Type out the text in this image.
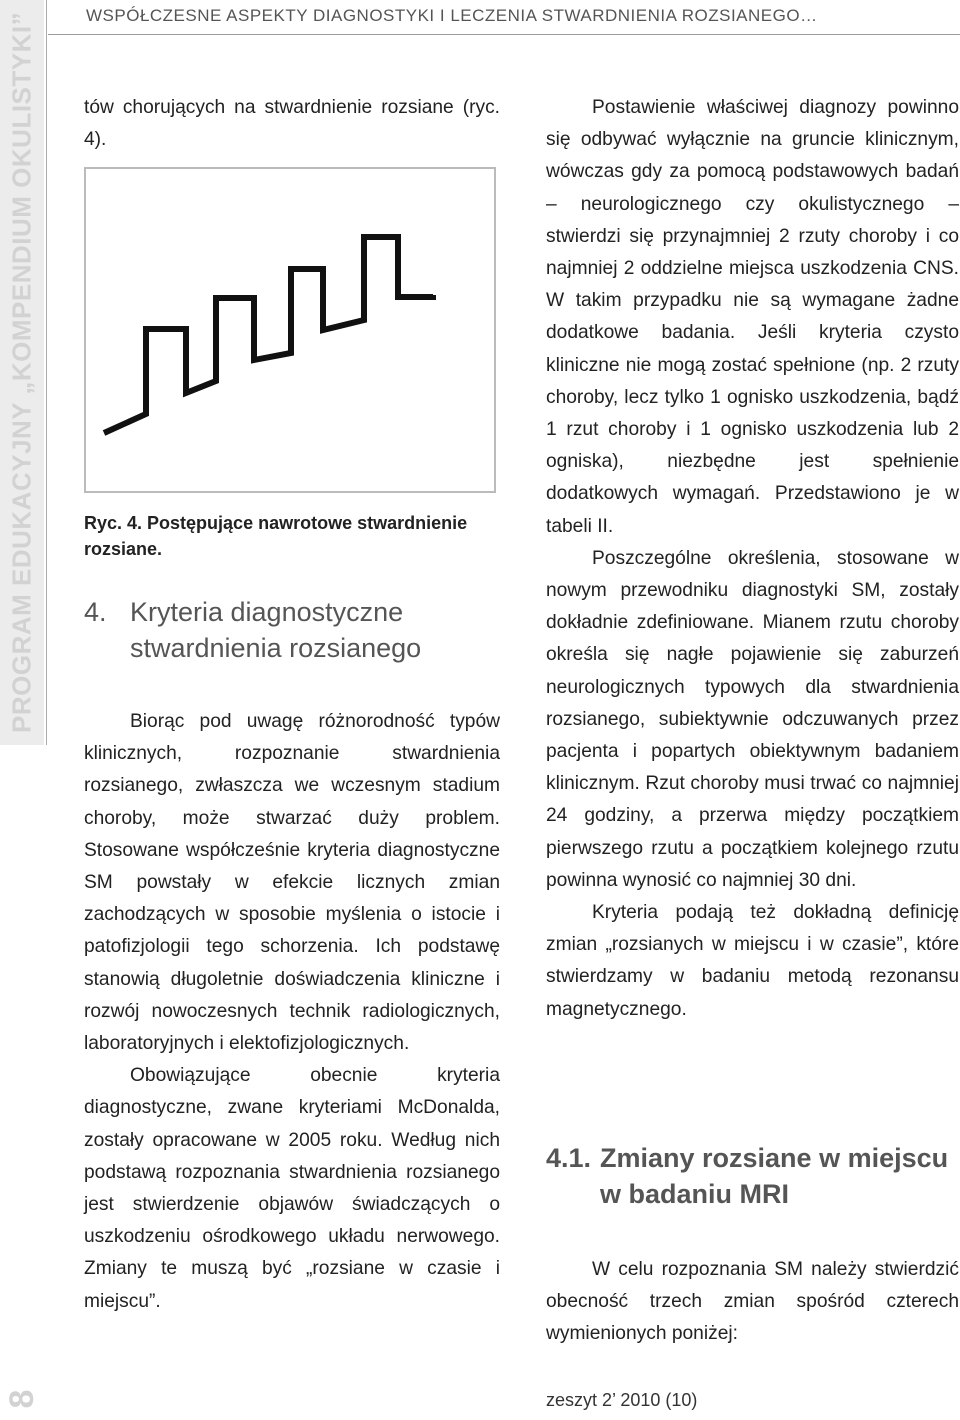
PROGRAM EDUKACYJNY „KOMPENDIUM OKULISTYKI”	WSPÓŁCZESNE ASPEKTY DIAGNOSTYKI I LECZENIA STWARDNIENIA ROZSIANEGO…

tów chorujących na stwardnienie rozsiane (ryc. 4).

Ryc. 4. Postępujące nawrotowe stwardnienie rozsiane.
4. Kryteria diagnostyczne
stwardnienia rozsianego

Biorąc pod uwagę różnorodność typów klinicznych, rozpoznanie stwardnienia rozsianego, zwłaszcza we wczesnym stadium choroby, może stwarzać duży problem. Stosowane współcześnie kryteria diagnostyczne SM powstały w efekcie licznych zmian zachodzących w sposobie myślenia o istocie i patofizjologii tego schorzenia. Ich podstawę stanowią długoletnie doświadczenia kliniczne i rozwój nowoczesnych technik radiologicznych, laboratoryjnych i elektofizjologicznych.

Obowiązujące obecnie kryteria diagnostyczne, zwane kryteriami McDonalda, zostały opracowane w 2005 roku. Według nich podstawą rozpoznania stwardnienia rozsianego jest stwierdzenie objawów świadczących o uszkodzeniu ośrodkowego układu nerwowego. Zmiany te muszą być „rozsiane w czasie i miejscu”.

Postawienie właściwej diagnozy powinno się odbywać wyłącznie na gruncie klinicznym, wówczas gdy za pomocą podstawowych badań – neurologicznego czy okulistycznego – stwierdzi się przynajmniej 2 rzuty choroby i co najmniej 2 oddzielne miejsca uszkodzenia CNS. W takim przypadku nie są wymagane żadne dodatkowe badania. Jeśli kryteria czysto kliniczne nie mogą zostać spełnione (np. 2 rzuty choroby, lecz tylko 1 ognisko uszkodzenia, bądź 1 rzut choroby i 1 ognisko uszkodzenia lub 2 ogniska), niezbędne jest spełnienie dodatkowych wymagań. Przedstawiono je w tabeli II.

Poszczególne określenia, stosowane w nowym przewodniku diagnostyki SM, zostały dokładnie zdefiniowane. Mianem rzutu choroby określa się nagłe pojawienie się zaburzeń neurologicznych typowych dla stwardnienia rozsianego, subiektywnie odczuwanych przez pacjenta i popartych obiektywnym badaniem klinicznym. Rzut choroby musi trwać co najmniej 24 godziny, a przerwa między początkiem pierwszego rzutu a początkiem kolejnego rzutu powinna wynosić co najmniej 30 dni.

Kryteria podają też dokładną definicję zmian „rozsianych w miejscu i w czasie”, które stwierdzamy w badaniu metodą rezonansu magnetycznego.

4.1. Zmiany rozsiane w miejscu
w badaniu MRI

W celu rozpoznania SM należy stwierdzić obecność trzech zmian spośród czterech wymienionych poniżej:

8	zeszyt 2’ 2010 (10)
